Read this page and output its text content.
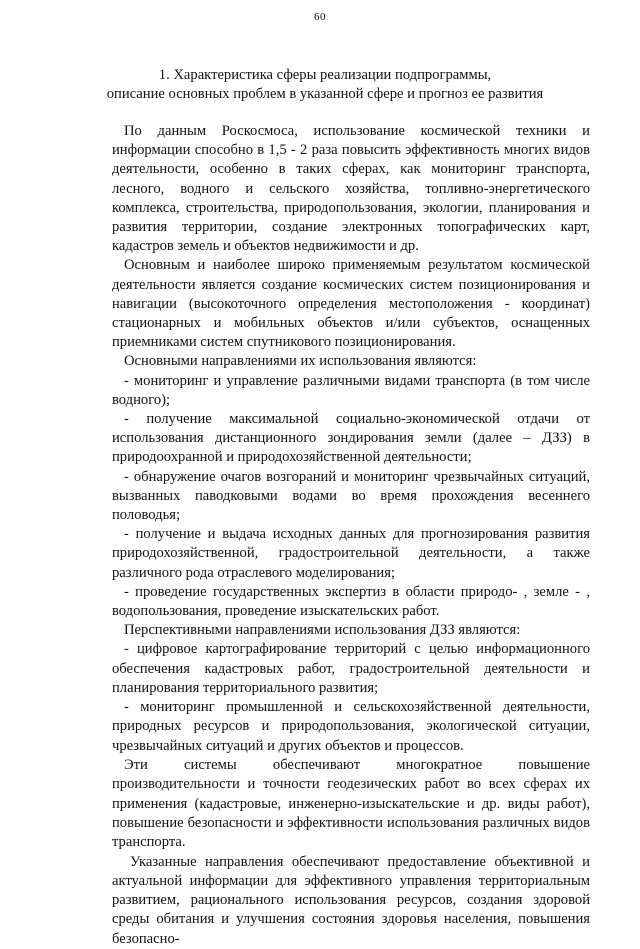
60
1. Характеристика сферы реализации подпрограммы,
описание основных проблем в указанной сфере и прогноз ее развития

По данным Роскосмоса, использование космической техники и информации способно в 1,5 - 2 раза повысить эффективность многих видов деятельности, особенно в таких сферах, как мониторинг транспорта, лесного, водного и сельского хозяйства, топливно-энергетического комплекса, строительства, природопользования, экологии, планирования и развития территории, создание электронных топографических карт, кадастров земель и объектов недвижимости и др.

Основным и наиболее широко применяемым результатом космической деятельности является создание космических систем позиционирования и навигации (высокоточного определения местоположения - координат) стационарных и мобильных объектов и/или субъектов, оснащенных приемниками систем спутникового позиционирования.

Основными направлениями их использования являются:

- мониторинг и управление различными видами транспорта (в том числе водного);

- получение максимальной социально-экономической отдачи от использования дистанционного зондирования земли (далее – ДЗЗ) в природоохранной и природохозяйственной деятельности;

- обнаружение очагов возгораний и мониторинг чрезвычайных ситуаций, вызванных паводковыми водами во время прохождения весеннего половодья;

- получение и выдача исходных данных для прогнозирования развития природохозяйственной, градостроительной деятельности, а также различного рода отраслевого моделирования;

- проведение государственных экспертиз в области природо- , земле - , водопользования, проведение изыскательских работ.

Перспективными направлениями использования ДЗЗ являются:

- цифровое картографирование территорий с целью информационного обеспечения кадастровых работ, градостроительной деятельности и планирования территориального развития;

- мониторинг промышленной и сельскохозяйственной деятельности, природных ресурсов и природопользования, экологической ситуации, чрезвычайных ситуаций и других объектов и процессов.

Эти системы обеспечивают многократное повышение производительности и точности геодезических работ во всех сферах их применения (кадастровые, инженерно-изыскательские и др. виды работ), повышение безопасности и эффективности использования различных видов транспорта.

Указанные направления обеспечивают предоставление объективной и актуальной информации для эффективного управления территориальным развитием, рационального использования ресурсов, создания здоровой среды обитания и улучшения состояния здоровья населения, повышения безопасно-
